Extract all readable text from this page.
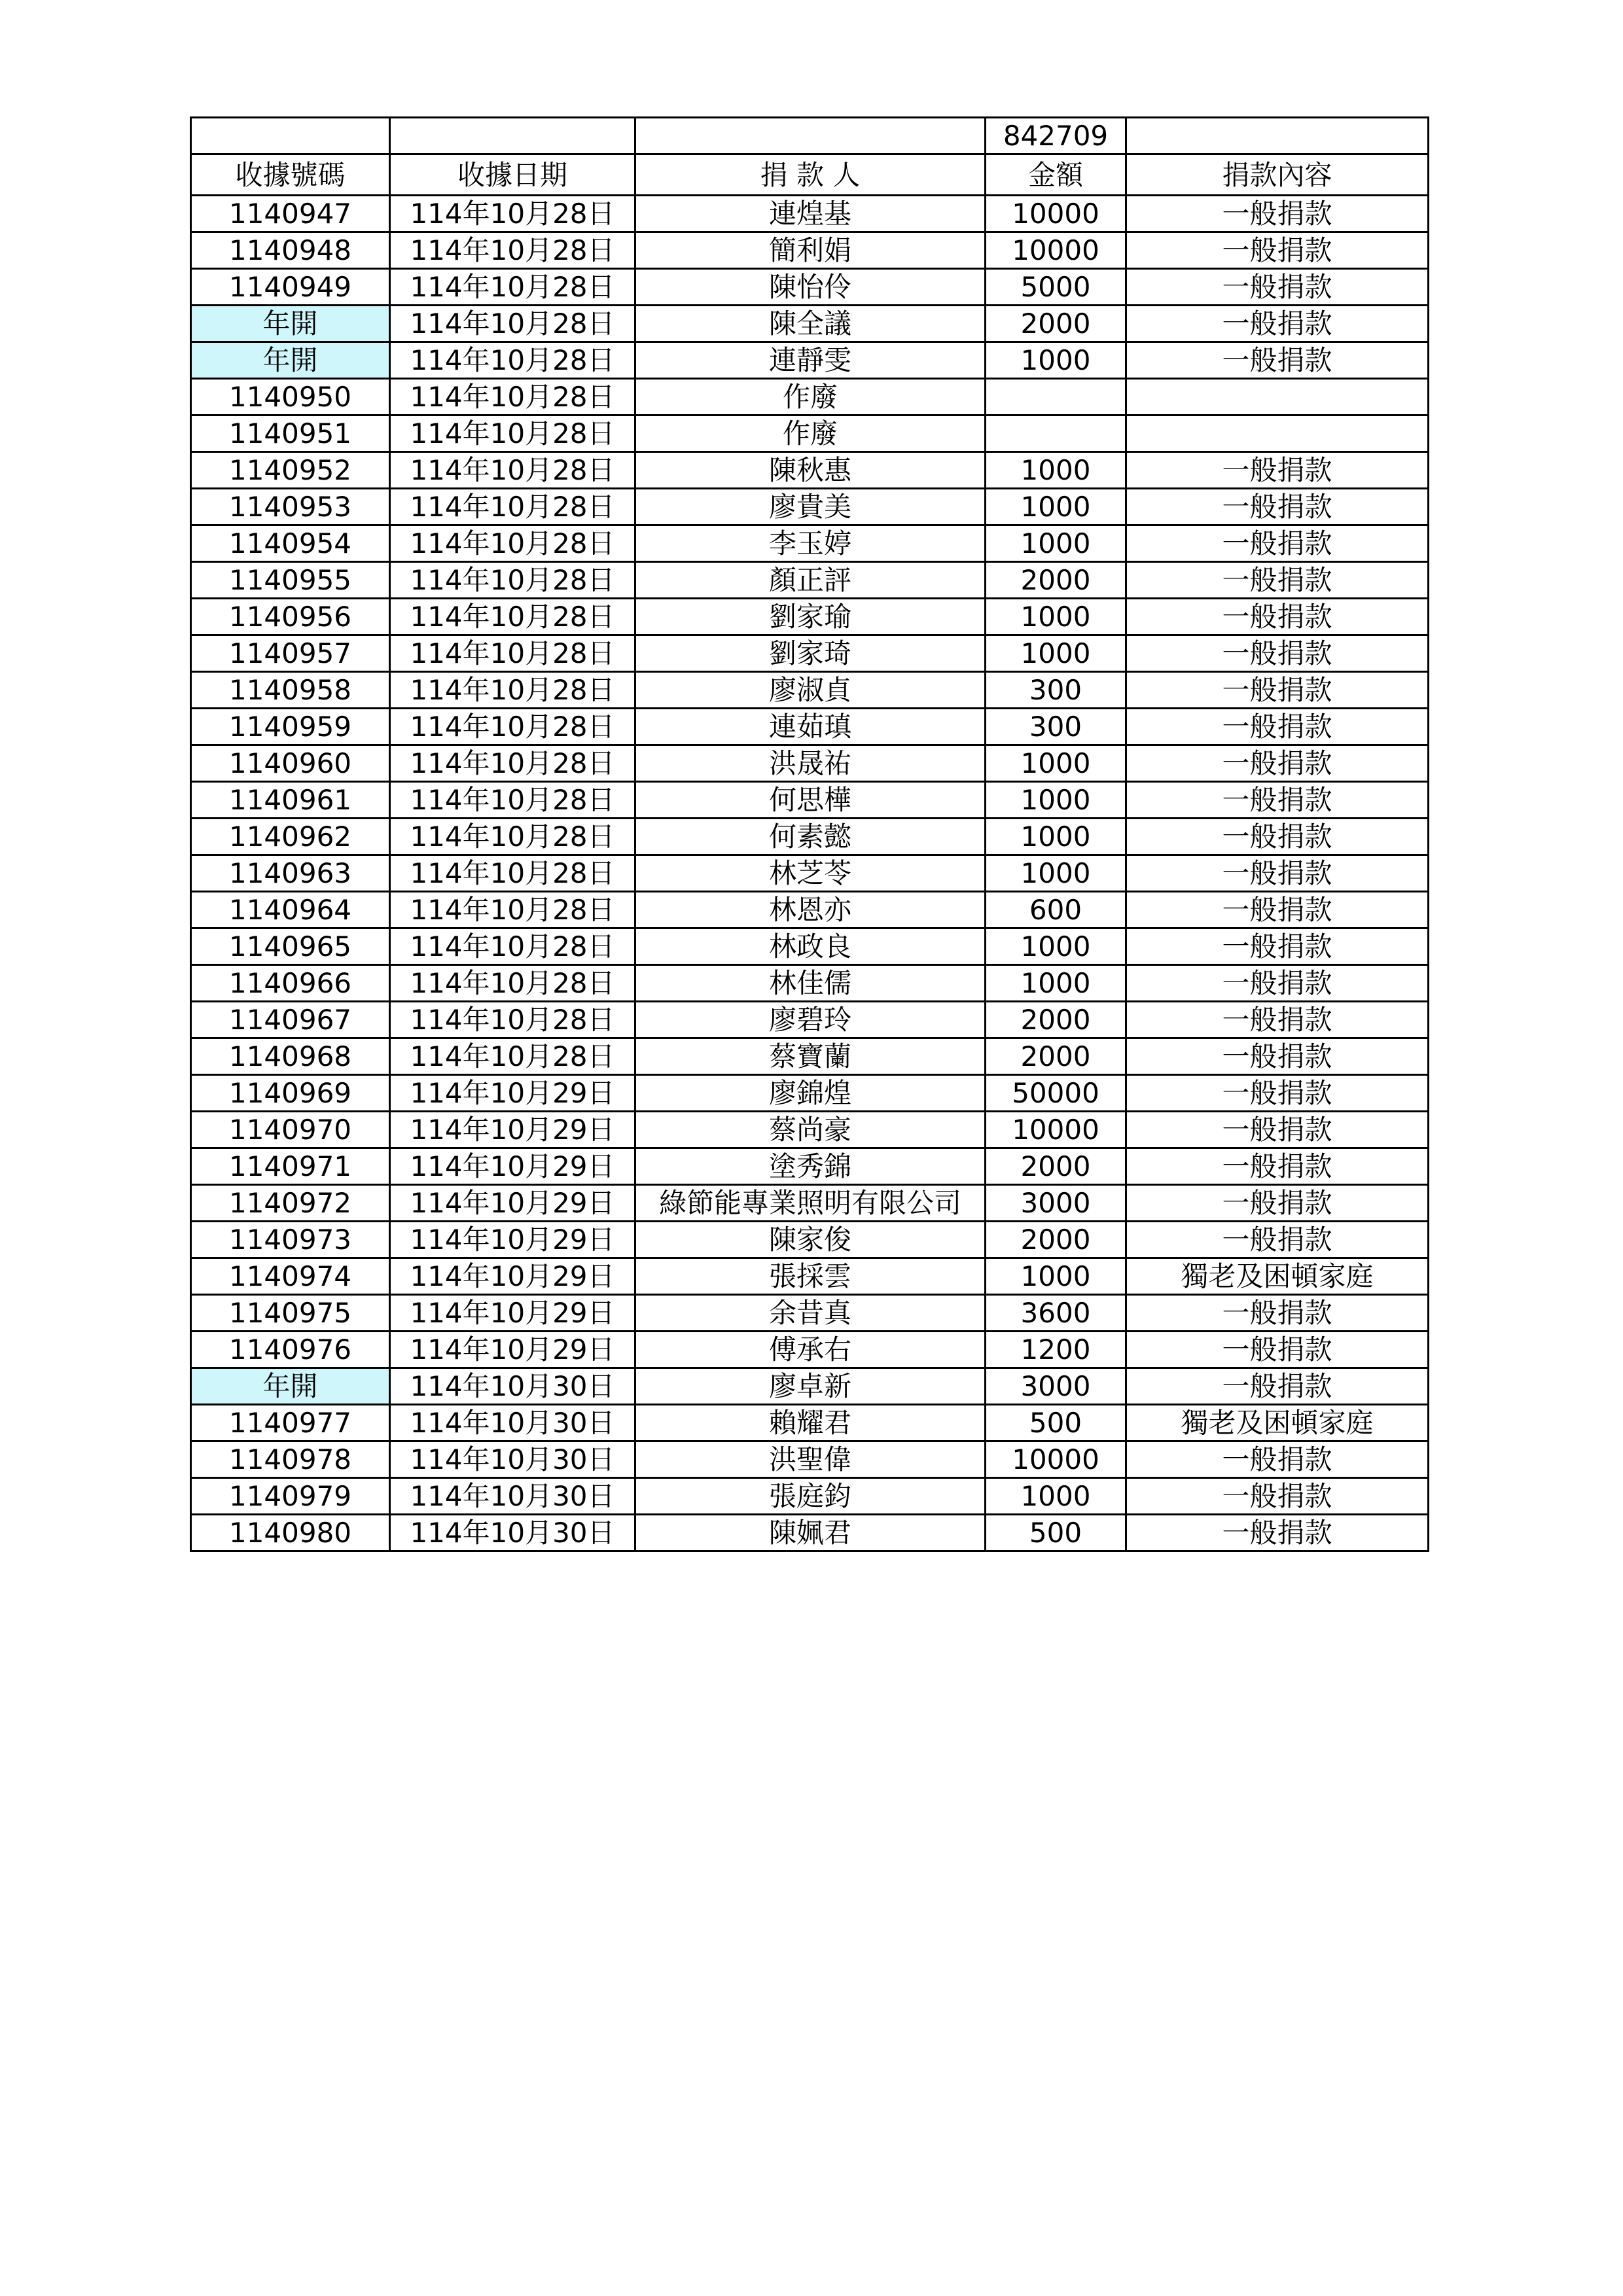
			842709	
收據號碼	收據日期	捐 款 人	金額	捐款內容
1140947	114年10月28日	連煌基	10000	一般捐款
1140948	114年10月28日	簡利娟	10000	一般捐款
1140949	114年10月28日	陳怡伶	5000	一般捐款
年開	114年10月28日	陳全議	2000	一般捐款
年開	114年10月28日	連靜雯	1000	一般捐款
1140950	114年10月28日	作廢		
1140951	114年10月28日	作廢		
1140952	114年10月28日	陳秋惠	1000	一般捐款
1140953	114年10月28日	廖貴美	1000	一般捐款
1140954	114年10月28日	李玉婷	1000	一般捐款
1140955	114年10月28日	顏正評	2000	一般捐款
1140956	114年10月28日	劉家瑜	1000	一般捐款
1140957	114年10月28日	劉家琦	1000	一般捐款
1140958	114年10月28日	廖淑貞	300	一般捐款
1140959	114年10月28日	連茹瑱	300	一般捐款
1140960	114年10月28日	洪晟祐	1000	一般捐款
1140961	114年10月28日	何思樺	1000	一般捐款
1140962	114年10月28日	何素懿	1000	一般捐款
1140963	114年10月28日	林芝苓	1000	一般捐款
1140964	114年10月28日	林恩亦	600	一般捐款
1140965	114年10月28日	林政良	1000	一般捐款
1140966	114年10月28日	林佳儒	1000	一般捐款
1140967	114年10月28日	廖碧玲	2000	一般捐款
1140968	114年10月28日	蔡寶蘭	2000	一般捐款
1140969	114年10月29日	廖錦煌	50000	一般捐款
1140970	114年10月29日	蔡尚豪	10000	一般捐款
1140971	114年10月29日	塗秀錦	2000	一般捐款
1140972	114年10月29日	綠節能專業照明有限公司	3000	一般捐款
1140973	114年10月29日	陳家俊	2000	一般捐款
1140974	114年10月29日	張採雲	1000	獨老及困頓家庭
1140975	114年10月29日	余昔真	3600	一般捐款
1140976	114年10月29日	傅承右	1200	一般捐款
年開	114年10月30日	廖卓新	3000	一般捐款
1140977	114年10月30日	賴耀君	500	獨老及困頓家庭
1140978	114年10月30日	洪聖偉	10000	一般捐款
1140979	114年10月30日	張庭鈞	1000	一般捐款
1140980	114年10月30日	陳姵君	500	一般捐款
